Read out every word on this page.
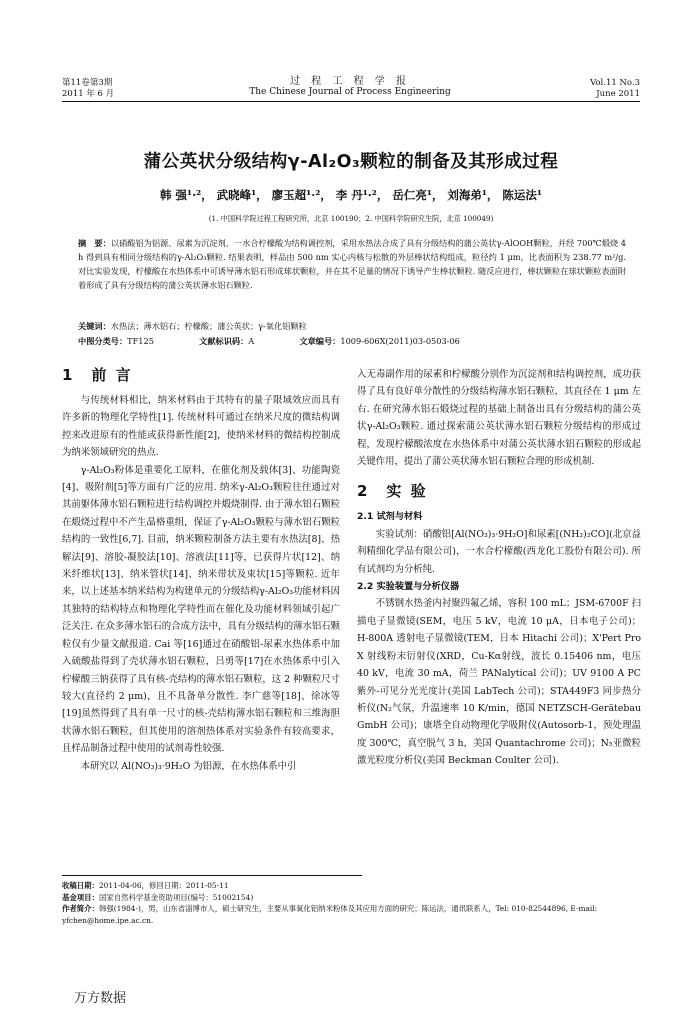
第11卷第3期
2011 年 6 月
过 程 工 程 学 报
The Chinese Journal of Process Engineering
Vol.11 No.3
June 2011
蒲公英状分级结构γ-Al₂O₃颗粒的制备及其形成过程
韩 强¹·²， 武晓峰¹， 廖玉超¹·²， 李 丹¹·²， 岳仁亮¹， 刘海弟¹， 陈运法¹
(1. 中国科学院过程工程研究所，北京 100190；2. 中国科学院研究生院，北京 100049)
摘　要：以硝酸铝为铝源、尿素为沉淀剂、一水合柠檬酸为结构调控剂，采用水热法合成了具有分级结构的蒲公英状γ-AlOOH颗粒，并经 700℃煅烧 4 h 得到具有相同分级结构的γ-Al₂O₃颗粒. 结果表明，样品由 500 nm 实心内核与松散的外层棒状结构组成，粒径约 1 μm，比表面积为 238.77 m²/g. 对比实验发现，柠檬酸在水热体系中可诱导薄水铝石形成球状颗粒，并在其不足量的情况下诱导产生棒状颗粒. 随反应进行，棒状颗粒在球状颗粒表面附着形成了具有分级结构的蒲公英状薄水铝石颗粒.
关键词：水热法；薄水铝石；柠檬酸；蒲公英状；γ-氧化铝颗粒
中图分类号：TF125	文献标识码：A	文章编号：1009-606X(2011)03-0503-06
1　前 言

与传统材料相比，纳米材料由于其特有的量子限域效应而具有许多新的物理化学特性[1]. 传统材料可通过在纳米尺度的微结构调控来改进原有的性能或获得新性能[2]，使纳米材料的微结构控制成为纳米领域研究的热点.

γ-Al₂O₃粉体是重要化工原料，在催化剂及载体[3]、功能陶瓷[4]、吸附剂[5]等方面有广泛的应用. 纳米γ-Al₂O₃颗粒往往通过对其前躯体薄水铝石颗粒进行结构调控并煅烧制得. 由于薄水铝石颗粒在煅烧过程中不产生晶格重组，保证了γ-Al₂O₃颗粒与薄水铝石颗粒结构的一致性[6,7]. 目前，纳米颗粒制备方法主要有水热法[8]、热解法[9]、溶胶-凝胶法[10]、溶液法[11]等，已获得片状[12]、纳米纤维状[13]、纳米管状[14]、纳米带状及束状[15]等颗粒. 近年来，以上述基本纳米结构为构建单元的分级结构γ-Al₂O₃功能材料因其独特的结构特点和物理化学特性而在催化及功能材料领域引起广泛关注. 在众多薄水铝石的合成方法中，具有分级结构的薄水铝石颗粒仅有少量文献报道. Cai 等[16]通过在硝酸铝-尿素水热体系中加入硫酸盐得到了壳状薄水铝石颗粒，吕勇等[17]在水热体系中引入柠檬酸三钠获得了具有核-壳结构的薄水铝石颗粒，这 2 种颗粒尺寸较大(直径约 2 μm)，且不具备单分散性. 李广慈等[18]、徐冰等[19]虽然得到了具有单一尺寸的核-壳结构薄水铝石颗粒和三维海胆状薄水铝石颗粒，但其使用的溶剂热体系对实验条件有较高要求，且样品制备过程中使用的试剂毒性较强.

本研究以 Al(NO₃)₃·9H₂O 为铝源，在水热体系中引

入无毒副作用的尿素和柠檬酸分别作为沉淀剂和结构调控剂，成功获得了具有良好单分散性的分级结构薄水铝石颗粒，其直径在 1 μm 左右. 在研究薄水铝石煅烧过程的基础上制备出具有分级结构的蒲公英状γ-Al₂O₃颗粒. 通过探索蒲公英状薄水铝石颗粒分级结构的形成过程，发现柠檬酸浓度在水热体系中对蒲公英状薄水铝石颗粒的形成起关键作用，提出了蒲公英状薄水铝石颗粒合理的形成机制.

2　实 验
2.1 试剂与材料

实验试剂：硝酸铝[Al(NO₃)₃·9H₂O]和尿素[(NH₂)₂CO](北京益利精细化学品有限公司)，一水合柠檬酸(西龙化工股份有限公司). 所有试剂均为分析纯.

2.2 实验装置与分析仪器

不锈钢水热釜内衬聚四氟乙烯，容积 100 mL；JSM-6700F 扫描电子显微镜(SEM，电压 5 kV，电流 10 μA，日本电子公司)；H-800A 透射电子显微镜(TEM，日本 Hitachi 公司)；X'Pert Pro X 射线粉末衍射仪(XRD，Cu-Kα射线，波长 0.15406 nm，电压 40 kV，电流 30 mA，荷兰 PANalytical 公司)；UV 9100 A PC 紫外-可见分光光度计(美国 LabTech 公司)；STA449F3 同步热分析仪(N₂气氛，升温速率 10 K/min，德国 NETZSCH-Gerätebau GmbH 公司)；康塔全自动物理化学吸附仪(Autosorb-1，预处理温度 300℃，真空脱气 3 h，美国 Quantachrome 公司)；N₅亚微粒激光粒度分析仪(美国 Beckman Coulter 公司).

收稿日期：2011-04-06，修回日期：2011-05-11
基金项目：国家自然科学基金资助项目(编号：51002154)
作者简介：韩强(1984-)，男，山东省淄博市人，硕士研究生，主要从事氧化铝纳米粉体及其应用方面的研究；陈运法，通讯联系人，Tel: 010-82544896, E-mail: yfchen@home.ipe.ac.cn.
万方数据
